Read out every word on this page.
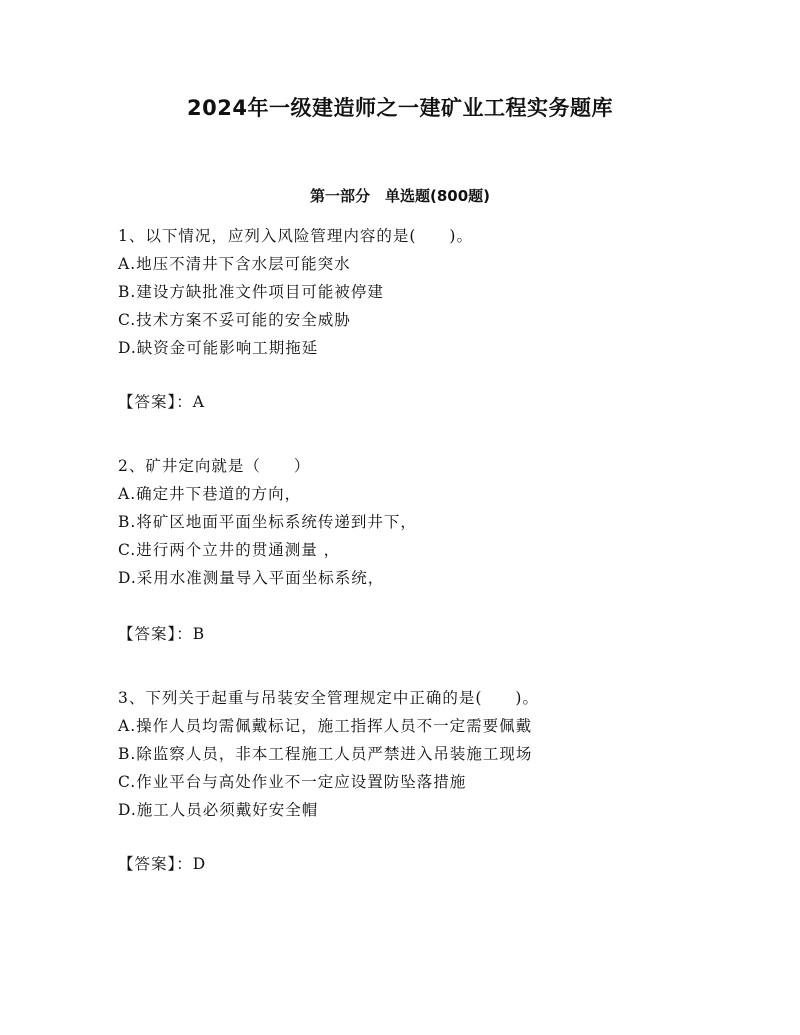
2024年一级建造师之一建矿业工程实务题库
第一部分　单选题(800题)
1、以下情况，应列入风险管理内容的是(　　)。
A.地压不清井下含水层可能突水
B.建设方缺批准文件项目可能被停建
C.技术方案不妥可能的安全威胁
D.缺资金可能影响工期拖延
【答案】：A
2、矿井定向就是（　　）
A.确定井下巷道的方向，
B.将矿区地面平面坐标系统传递到井下，
C.进行两个立井的贯通测量 ，
D.采用水准测量导入平面坐标系统，
【答案】：B
3、下列关于起重与吊装安全管理规定中正确的是(　　)。
A.操作人员均需佩戴标记，施工指挥人员不一定需要佩戴
B.除监察人员，非本工程施工人员严禁进入吊装施工现场
C.作业平台与高处作业不一定应设置防坠落措施
D.施工人员必须戴好安全帽
【答案】：D
